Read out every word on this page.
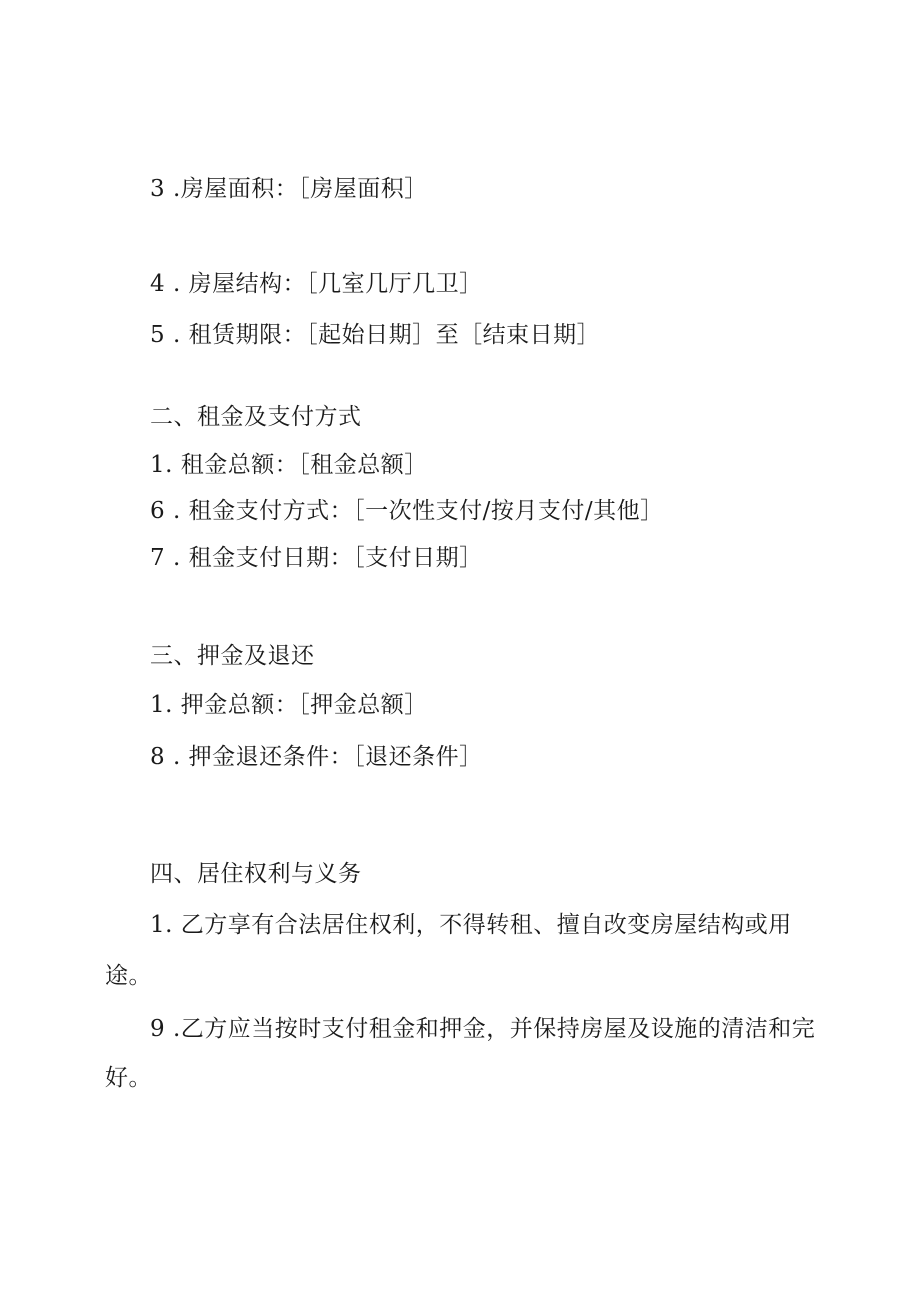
3 .房屋面积：［房屋面积］
4 . 房屋结构：［几室几厅几卫］
5 . 租赁期限：［起始日期］至［结束日期］
二、租金及支付方式
1. 租金总额：［租金总额］
6 . 租金支付方式：［一次性支付/按月支付/其他］
7 . 租金支付日期：［支付日期］
三、押金及退还
1. 押金总额：［押金总额］
8 . 押金退还条件：［退还条件］
四、居住权利与义务
1. 乙方享有合法居住权利，不得转租、擅自改变房屋结构或用
途。
9 .乙方应当按时支付租金和押金，并保持房屋及设施的清洁和完
好。
